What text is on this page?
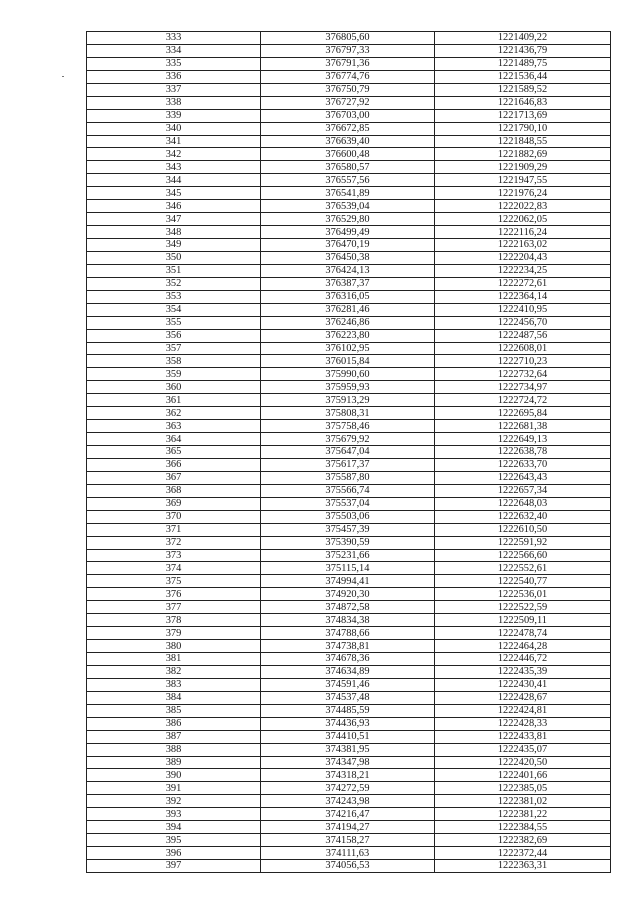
333	376805,60	1221409,22
334	376797,33	1221436,79
335	376791,36	1221489,75
336	376774,76	1221536,44
337	376750,79	1221589,52
338	376727,92	1221646,83
339	376703,00	1221713,69
340	376672,85	1221790,10
341	376639,40	1221848,55
342	376600,48	1221882,69
343	376580,57	1221909,29
344	376557,56	1221947,55
345	376541,89	1221976,24
346	376539,04	1222022,83
347	376529,80	1222062,05
348	376499,49	1222116,24
349	376470,19	1222163,02
350	376450,38	1222204,43
351	376424,13	1222234,25
352	376387,37	1222272,61
353	376316,05	1222364,14
354	376281,46	1222410,95
355	376246,86	1222456,70
356	376223,80	1222487,56
357	376102,95	1222608,01
358	376015,84	1222710,23
359	375990,60	1222732,64
360	375959,93	1222734,97
361	375913,29	1222724,72
362	375808,31	1222695,84
363	375758,46	1222681,38
364	375679,92	1222649,13
365	375647,04	1222638,78
366	375617,37	1222633,70
367	375587,80	1222643,43
368	375566,74	1222657,34
369	375537,04	1222648,03
370	375503,06	1222632,40
371	375457,39	1222610,50
372	375390,59	1222591,92
373	375231,66	1222566,60
374	375115,14	1222552,61
375	374994,41	1222540,77
376	374920,30	1222536,01
377	374872,58	1222522,59
378	374834,38	1222509,11
379	374788,66	1222478,74
380	374738,81	1222464,28
381	374678,36	1222446,72
382	374634,89	1222435,39
383	374591,46	1222430,41
384	374537,48	1222428,67
385	374485,59	1222424,81
386	374436,93	1222428,33
387	374410,51	1222433,81
388	374381,95	1222435,07
389	374347,98	1222420,50
390	374318,21	1222401,66
391	374272,59	1222385,05
392	374243,98	1222381,02
393	374216,47	1222381,22
394	374194,27	1222384,55
395	374158,27	1222382,69
396	374111,63	1222372,44
397	374056,53	1222363,31
